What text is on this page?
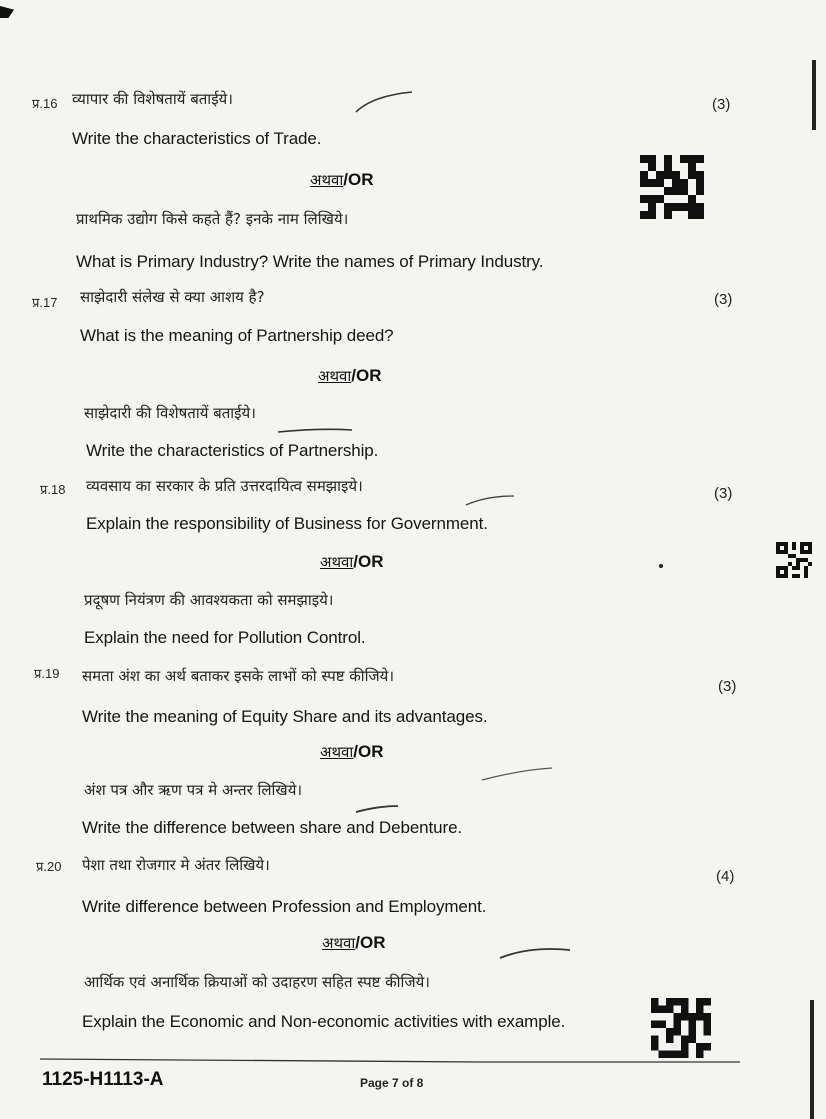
प्र.16 व्यापार की विशेषतायें बताईये।	(3)
Write the characteristics of Trade.
अथवा/OR
प्राथमिक उद्योग किसे कहते हैं? इनके नाम लिखिये।
What is Primary Industry? Write the names of Primary Industry.
प्र.17 साझेदारी संलेख से क्या आशय है?	(3)
What is the meaning of Partnership deed?
अथवा/OR
साझेदारी की विशेषतायें बताईये।
Write the characteristics of Partnership.
प्र.18 व्यवसाय का सरकार के प्रति उत्तरदायित्व समझाइये।	(3)
Explain the responsibility of Business for Government.
अथवा/OR
प्रदूषण नियंत्रण की आवश्यकता को समझाइये।
Explain the need for Pollution Control.
प्र.19 समता अंश का अर्थ बताकर इसके लाभों को स्पष्ट कीजिये।
(3)
Write the meaning of Equity Share and its advantages.
अथवा/OR
अंश पत्र और ऋण पत्र मे अन्तर लिखिये।
Write the difference between share and Debenture.
प्र.20 पेशा तथा रोजगार मे अंतर लिखिये।
(4)
Write difference between Profession and Employment.
अथवा/OR
आर्थिक एवं अनार्थिक क्रियाओं को उदाहरण सहित स्पष्ट कीजिये।
Explain the Economic and Non-economic activities with example.
1125-H1113-A	Page 7 of 8
